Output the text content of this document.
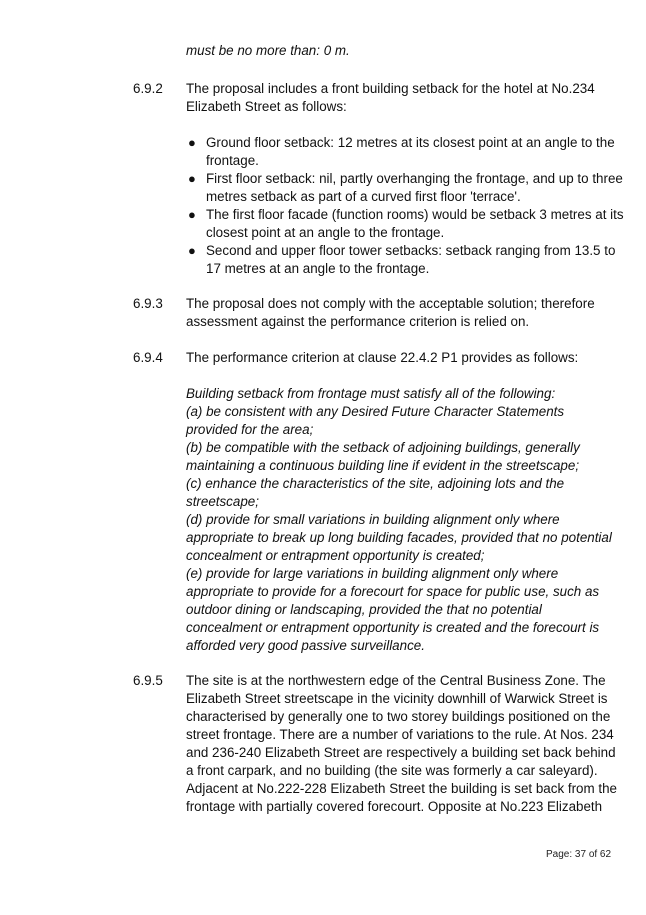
must be no more than: 0 m.
6.9.2 The proposal includes a front building setback for the hotel at No.234
Elizabeth Street as follows:
● Ground floor setback: 12 metres at its closest point at an angle to the
frontage.
● First floor setback: nil, partly overhanging the frontage, and up to three
metres setback as part of a curved first floor 'terrace'.
● The first floor facade (function rooms) would be setback 3 metres at its
closest point at an angle to the frontage.
● Second and upper floor tower setbacks: setback ranging from 13.5 to
17 metres at an angle to the frontage.
6.9.3 The proposal does not comply with the acceptable solution; therefore
assessment against the performance criterion is relied on.
6.9.4 The performance criterion at clause 22.4.2 P1 provides as follows:
Building setback from frontage must satisfy all of the following:
(a) be consistent with any Desired Future Character Statements
provided for the area;
(b) be compatible with the setback of adjoining buildings, generally
maintaining a continuous building line if evident in the streetscape;
(c) enhance the characteristics of the site, adjoining lots and the
streetscape;
(d) provide for small variations in building alignment only where
appropriate to break up long building facades, provided that no potential
concealment or entrapment opportunity is created;
(e) provide for large variations in building alignment only where
appropriate to provide for a forecourt for space for public use, such as
outdoor dining or landscaping, provided the that no potential
concealment or entrapment opportunity is created and the forecourt is
afforded very good passive surveillance.
6.9.5 The site is at the northwestern edge of the Central Business Zone. The
Elizabeth Street streetscape in the vicinity downhill of Warwick Street is
characterised by generally one to two storey buildings positioned on the
street frontage. There are a number of variations to the rule. At Nos. 234
and 236-240 Elizabeth Street are respectively a building set back behind
a front carpark, and no building (the site was formerly a car saleyard).
Adjacent at No.222-228 Elizabeth Street the building is set back from the
frontage with partially covered forecourt. Opposite at No.223 Elizabeth
Page: 37 of 62
